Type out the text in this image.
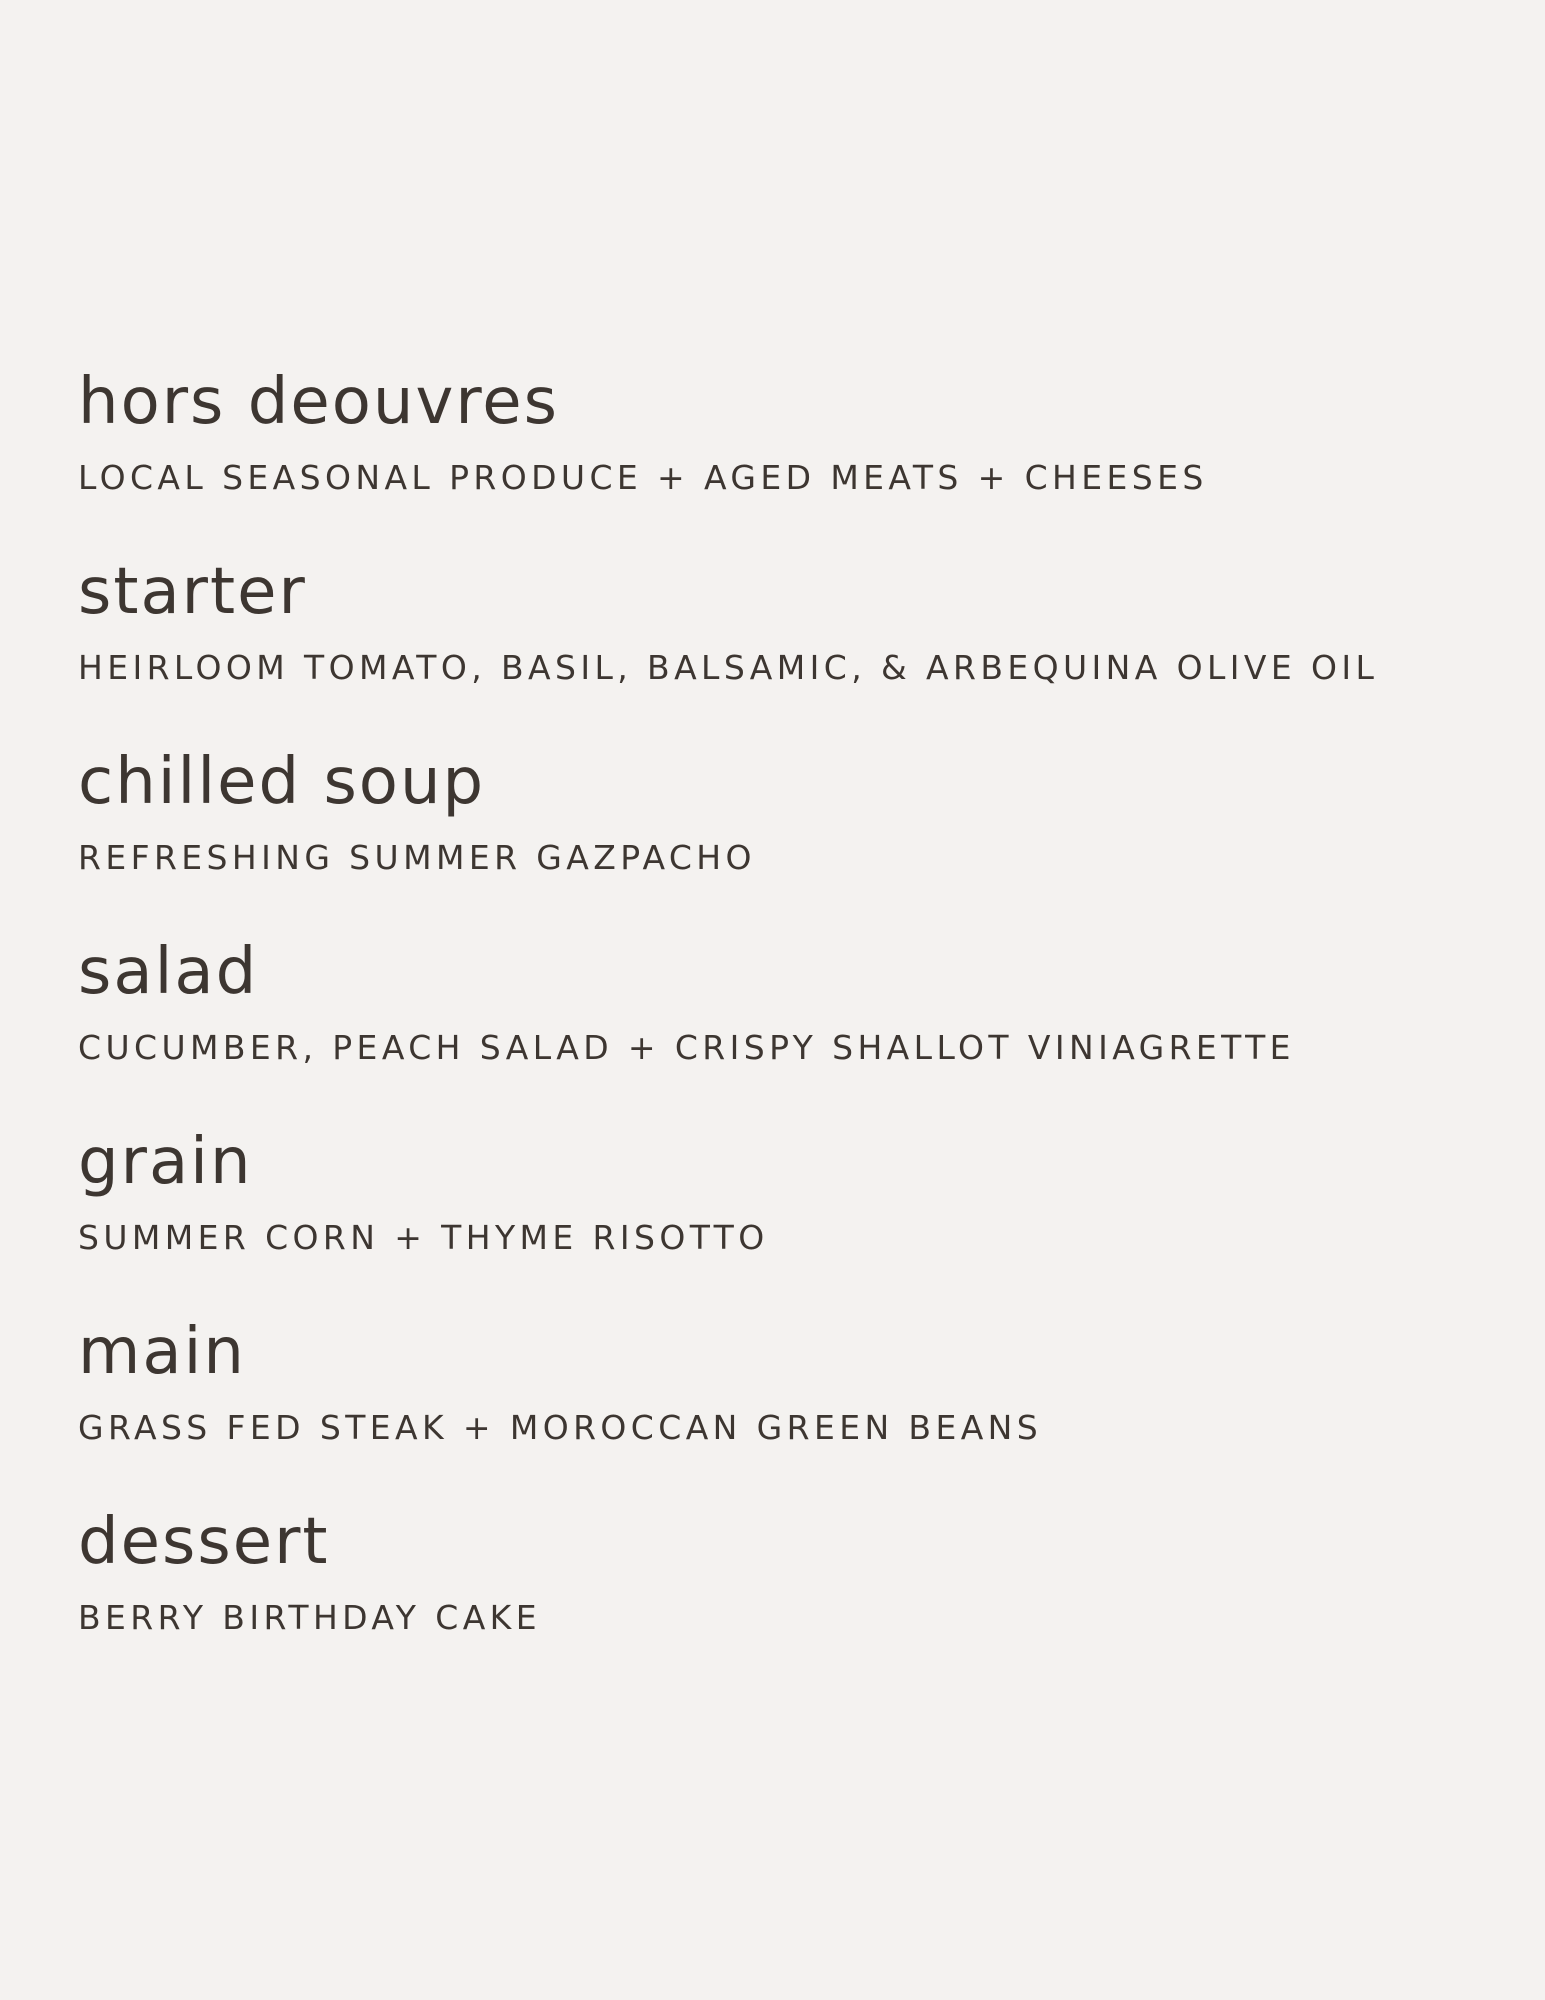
hors deouvres
LOCAL SEASONAL PRODUCE + AGED MEATS + CHEESES
starter
HEIRLOOM TOMATO, BASIL, BALSAMIC, & ARBEQUINA OLIVE OIL
chilled soup
REFRESHING SUMMER GAZPACHO
salad
CUCUMBER, PEACH SALAD + CRISPY SHALLOT VINIAGRETTE
grain
SUMMER CORN + THYME RISOTTO
main
GRASS FED STEAK + MOROCCAN GREEN BEANS
dessert
BERRY BIRTHDAY CAKE
